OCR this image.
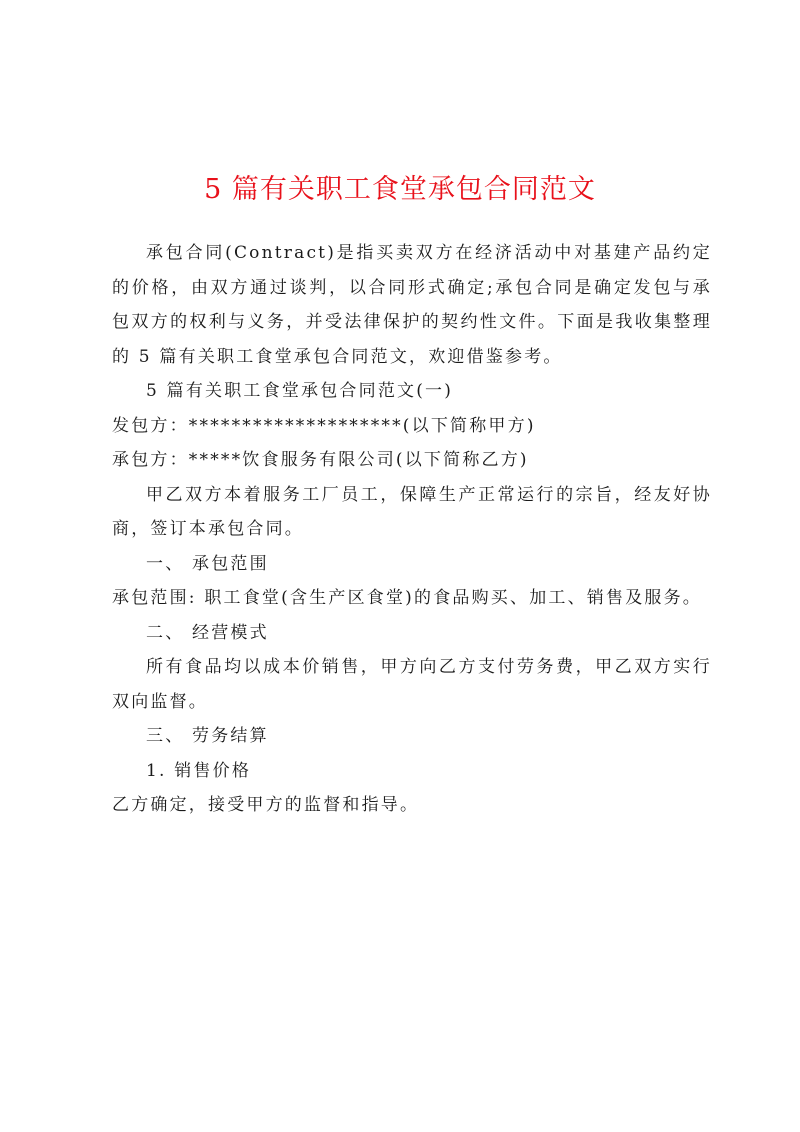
5 篇有关职工食堂承包合同范文

承包合同(Contract)是指买卖双方在经济活动中对基建产品约定的价格，由双方通过谈判，以合同形式确定;承包合同是确定发包与承包双方的权利与义务，并受法律保护的契约性文件。下面是我收集整理的 5 篇有关职工食堂承包合同范文，欢迎借鉴参考。

5 篇有关职工食堂承包合同范文(一)

发包方：********************(以下简称甲方)

承包方：*****饮食服务有限公司(以下简称乙方)

甲乙双方本着服务工厂员工，保障生产正常运行的宗旨，经友好协商，签订本承包合同。

一、 承包范围

承包范围: 职工食堂(含生产区食堂)的食品购买、加工、销售及服务。

二、 经营模式

所有食品均以成本价销售，甲方向乙方支付劳务费，甲乙双方实行双向监督。

三、 劳务结算

1. 销售价格

乙方确定，接受甲方的监督和指导。
